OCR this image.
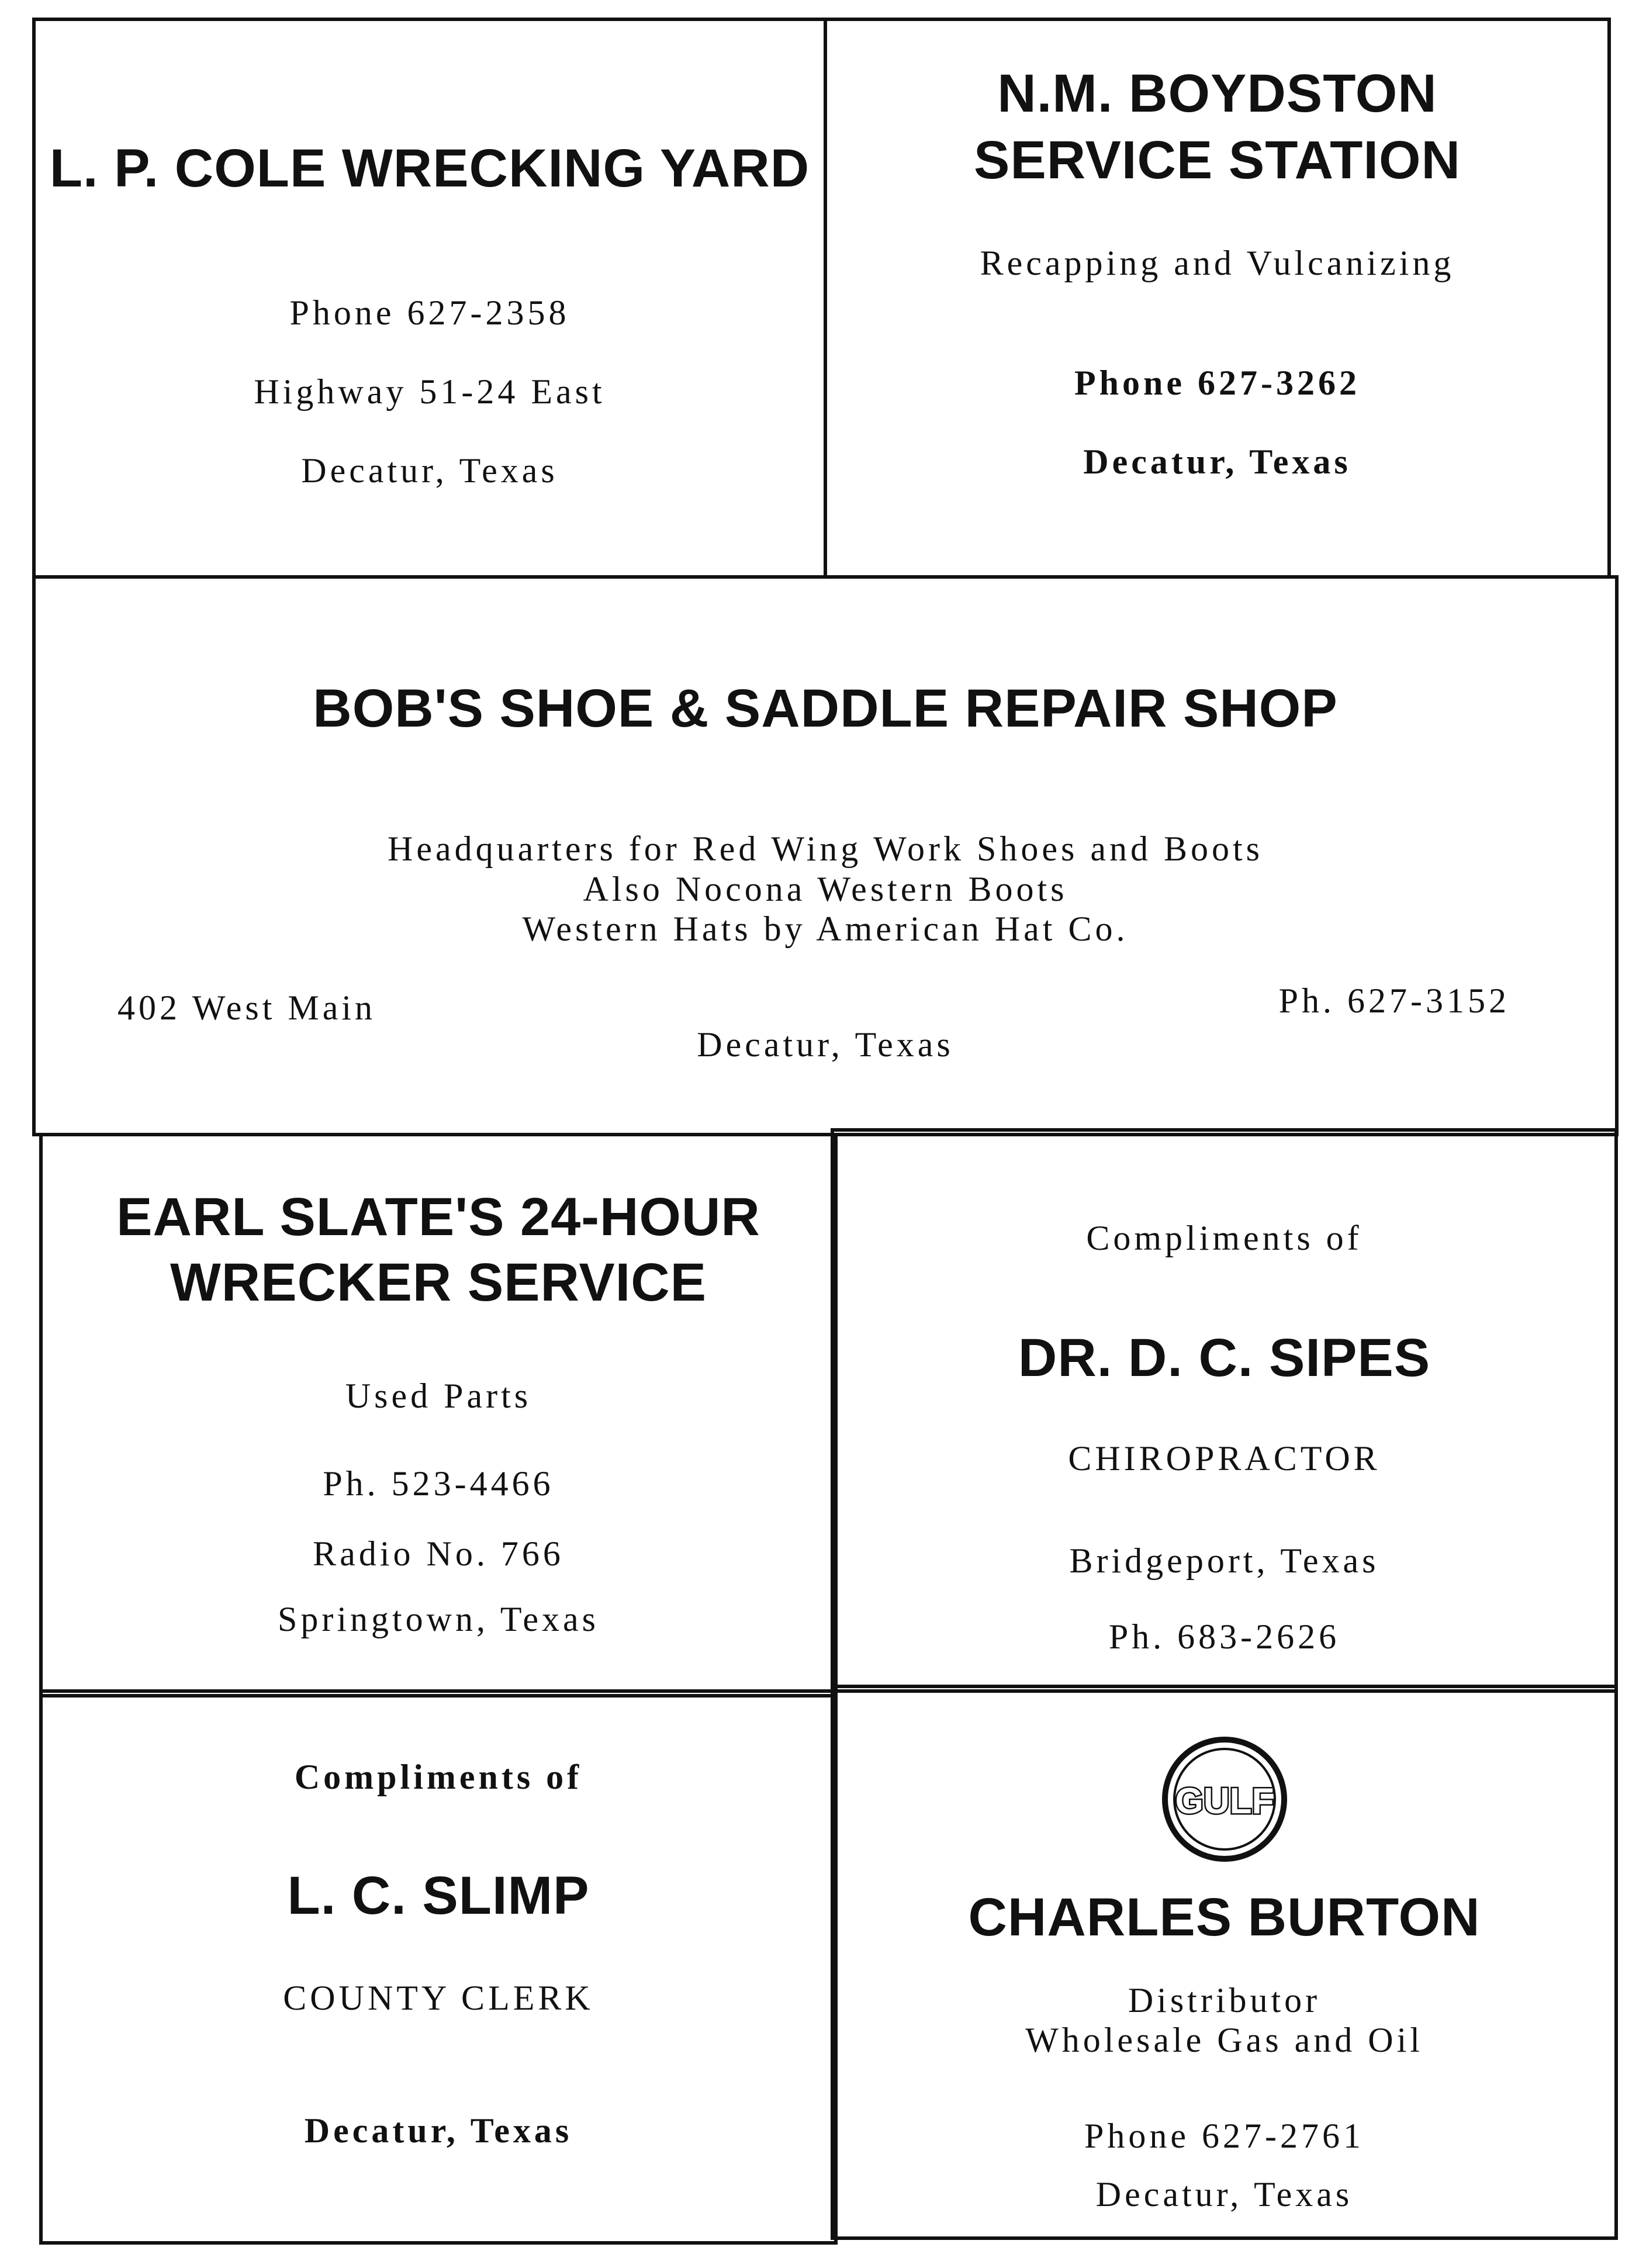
L. P. COLE WRECKING YARD
Phone 627-2358
Highway 51-24 East
Decatur, Texas
N.M. BOYDSTON
SERVICE STATION
Recapping and Vulcanizing
Phone 627-3262
Decatur, Texas
BOB'S SHOE & SADDLE REPAIR SHOP
Headquarters for Red Wing Work Shoes and Boots
Also Nocona Western Boots
Western Hats by American Hat Co.
402 West Main	Ph. 627-3152
Decatur, Texas
EARL SLATE'S 24-HOUR
WRECKER SERVICE
Used Parts
Ph. 523-4466
Radio No. 766
Springtown, Texas
Compliments of
DR. D. C. SIPES
CHIROPRACTOR
Bridgeport, Texas
Ph. 683-2626
Compliments of
L. C. SLIMP
COUNTY CLERK
Decatur, Texas
GULF
CHARLES BURTON
Distributor
Wholesale Gas and Oil
Phone 627-2761
Decatur, Texas
